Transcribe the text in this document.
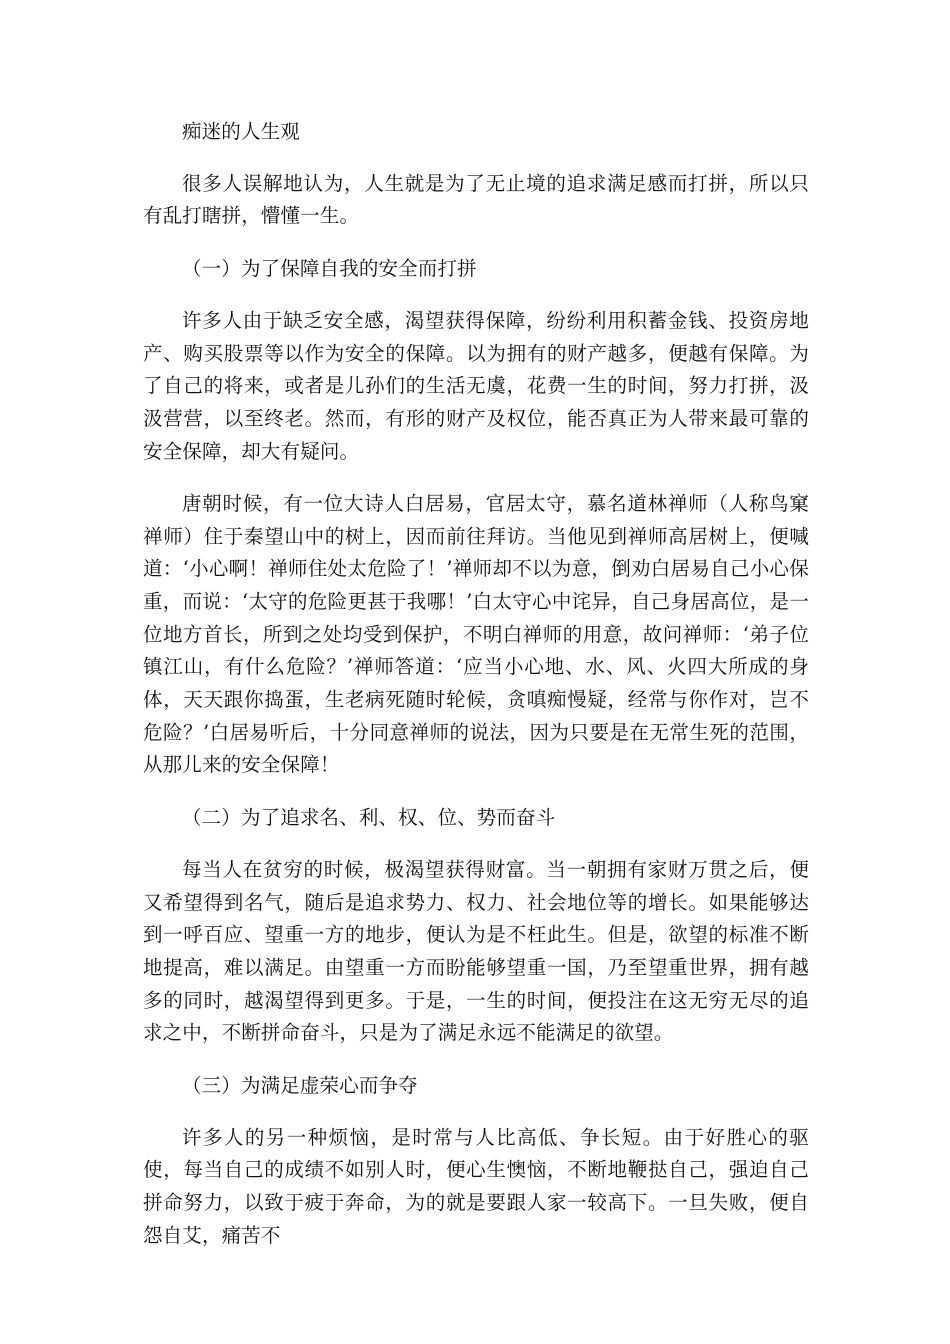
痴迷的人生观

很多人误解地认为，人生就是为了无止境的追求满足感而打拼，所以只有乱打瞎拼，懵懂一生。

（一）为了保障自我的安全而打拼

许多人由于缺乏安全感，渴望获得保障，纷纷利用积蓄金钱、投资房地产、购买股票等以作为安全的保障。以为拥有的财产越多，便越有保障。为了自己的将来，或者是儿孙们的生活无虞，花费一生的时间，努力打拼，汲汲营营，以至终老。然而，有形的财产及权位，能否真正为人带来最可靠的安全保障，却大有疑问。

唐朝时候，有一位大诗人白居易，官居太守，慕名道林禅师（人称鸟窠禅师）住于秦望山中的树上，因而前往拜访。当他见到禅师高居树上，便喊道：‘小心啊！禅师住处太危险了！’禅师却不以为意，倒劝白居易自己小心保重，而说：‘太守的危险更甚于我哪！’白太守心中诧异，自己身居高位，是一位地方首长，所到之处均受到保护，不明白禅师的用意，故问禅师：‘弟子位镇江山，有什么危险？’禅师答道：‘应当小心地、水、风、火四大所成的身体，天天跟你捣蛋，生老病死随时轮候，贪嗔痴慢疑，经常与你作对，岂不危险？’白居易听后，十分同意禅师的说法，因为只要是在无常生死的范围，从那儿来的安全保障！

（二）为了追求名、利、权、位、势而奋斗

每当人在贫穷的时候，极渴望获得财富。当一朝拥有家财万贯之后，便又希望得到名气，随后是追求势力、权力、社会地位等的增长。如果能够达到一呼百应、望重一方的地步，便认为是不枉此生。但是，欲望的标准不断地提高，难以满足。由望重一方而盼能够望重一国，乃至望重世界，拥有越多的同时，越渴望得到更多。于是，一生的时间，便投注在这无穷无尽的追求之中，不断拼命奋斗，只是为了满足永远不能满足的欲望。

（三）为满足虚荣心而争夺

许多人的另一种烦恼，是时常与人比高低、争长短。由于好胜心的驱使，每当自己的成绩不如别人时，便心生懊恼，不断地鞭挞自己，强迫自己拼命努力，以致于疲于奔命，为的就是要跟人家一较高下。一旦失败，便自怨自艾，痛苦不
